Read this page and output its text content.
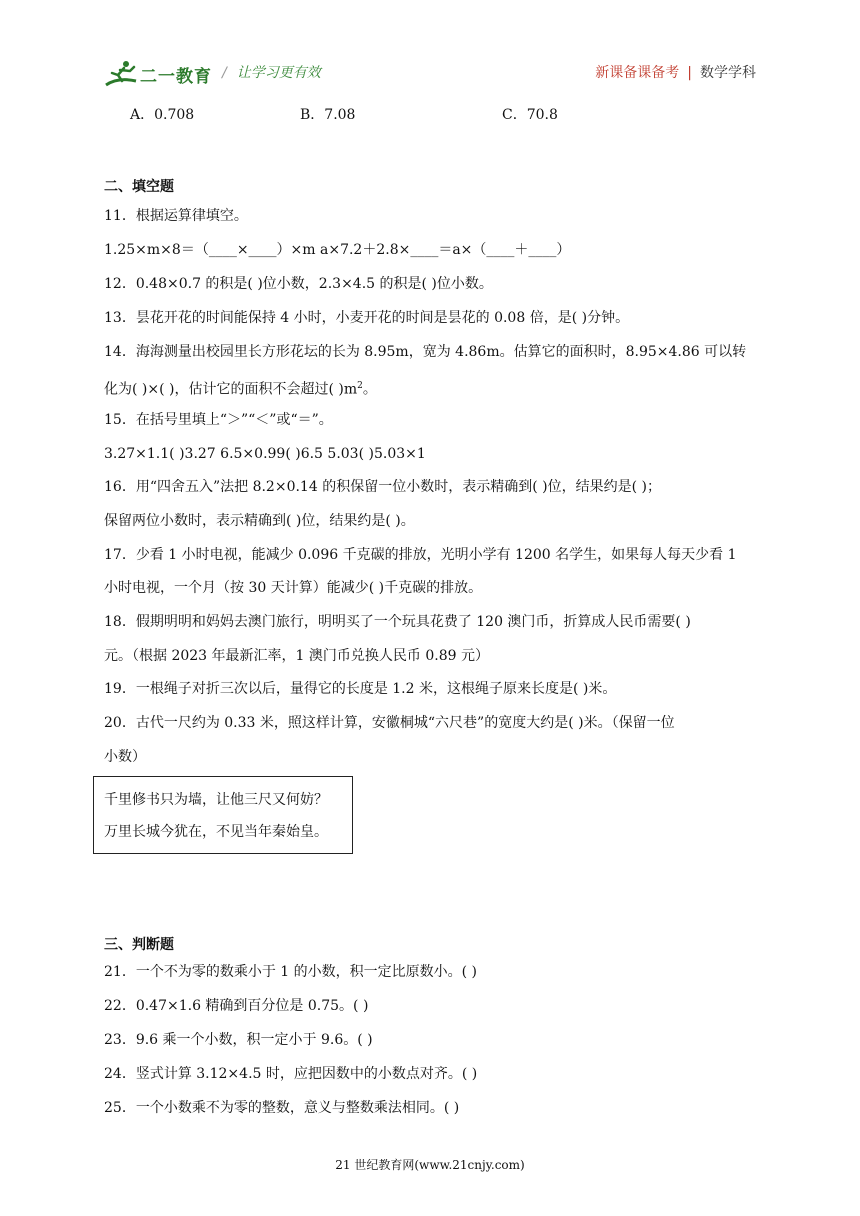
二一教育 / 让学习更有效	新课备课备考 | 数学学科
A．0.708	B．7.08	C．70.8
二、填空题
11．根据运算律填空。
1.25×m×8＝（____×____）×m a×7.2＋2.8×____＝a×（____＋____）
12．0.48×0.7 的积是( )位小数，2.3×4.5 的积是( )位小数。
13．昙花开花的时间能保持 4 小时，小麦开花的时间是昙花的 0.08 倍，是( )分钟。
14．海海测量出校园里长方形花坛的长为 8.95m，宽为 4.86m。估算它的面积时，8.95×4.86 可以转
化为( )×( )，估计它的面积不会超过( )$m^2$。
15．在括号里填上“＞”“＜”或“＝”。
3.27×1.1( )3.27 6.5×0.99( )6.5 5.03( )5.03×1
16．用“四舍五入”法把 8.2×0.14 的积保留一位小数时，表示精确到( )位，结果约是( )；
保留两位小数时，表示精确到( )位，结果约是( )。
17．少看 1 小时电视，能减少 0.096 千克碳的排放，光明小学有 1200 名学生，如果每人每天少看 1
小时电视，一个月（按 30 天计算）能减少( )千克碳的排放。
18．假期明明和妈妈去澳门旅行，明明买了一个玩具花费了 120 澳门币，折算成人民币需要( )
元。（根据 2023 年最新汇率，1 澳门币兑换人民币 0.89 元）
19．一根绳子对折三次以后，量得它的长度是 1.2 米，这根绳子原来长度是( )米。
20．古代一尺约为 0.33 米，照这样计算，安徽桐城“六尺巷”的宽度大约是( )米。（保留一位
小数）
千里修书只为墙，让他三尺又何妨？
万里长城今犹在，不见当年秦始皇。
三、判断题
21．一个不为零的数乘小于 1 的小数，积一定比原数小。( )
22．0.47×1.6 精确到百分位是 0.75。( )
23．9.6 乘一个小数，积一定小于 9.6。( )
24．竖式计算 3.12×4.5 时，应把因数中的小数点对齐。( )
25．一个小数乘不为零的整数，意义与整数乘法相同。( )
21 世纪教育网(www.21cnjy.com)
